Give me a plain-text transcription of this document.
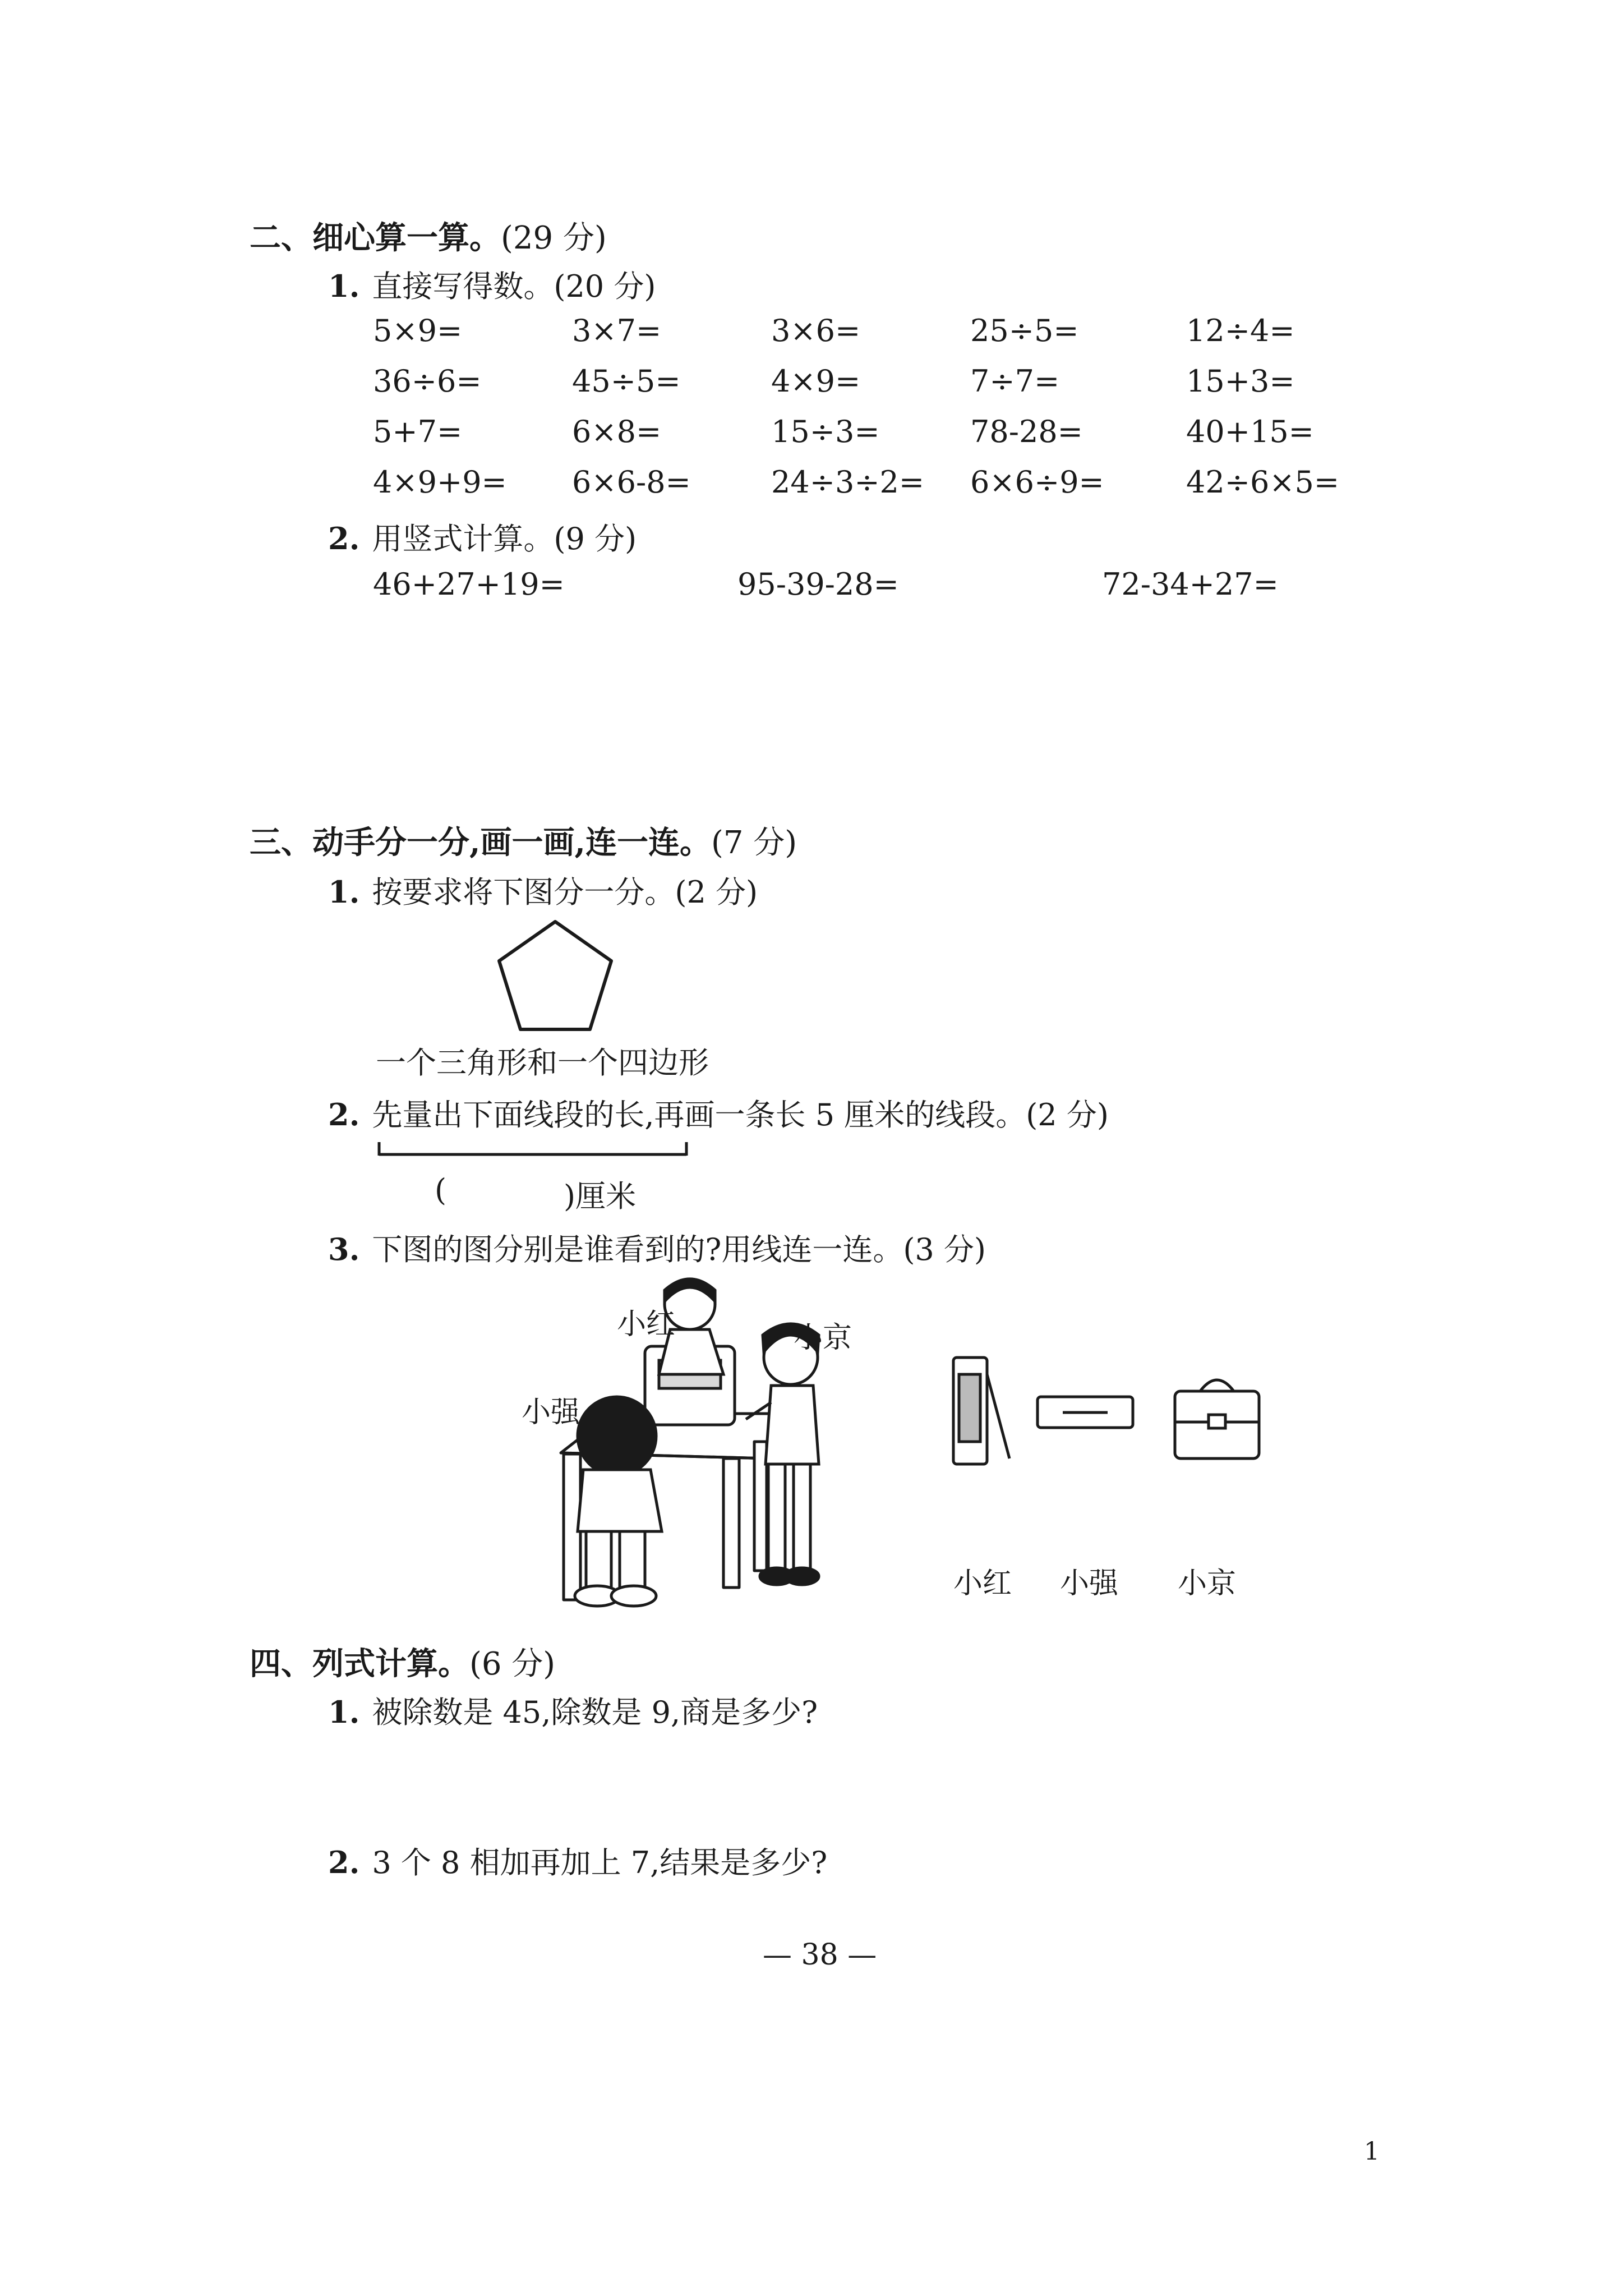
二、细心算一算。(29 分)
1. 直接写得数。(20 分)
5×9=	3×7=	3×6=	25÷5=	12÷4=
36÷6=	45÷5=	4×9=	7÷7=	15+3=
5+7=	6×8=	15÷3=	78-28=	40+15=
4×9+9= 6×6-8=	24÷3÷2= 6×6÷9=	42÷6×5=
2. 用竖式计算。(9 分)
46+27+19=	95-39-28=	72-34+27=
三、动手分一分,画一画,连一连。(7 分)
1. 按要求将下图分一分。(2 分)
一个三角形和一个四边形
2. 先量出下面线段的长,再画一条长 5 厘米的线段。(2 分)
(	)厘米
3. 下图的图分别是谁看到的?用线连一连。(3 分)
小红	小京
小强
小红 小强 小京
四、列式计算。(6 分)
1. 被除数是 45,除数是 9,商是多少?
2. 3 个 8 相加再加上 7,结果是多少?
— 38 —
1
